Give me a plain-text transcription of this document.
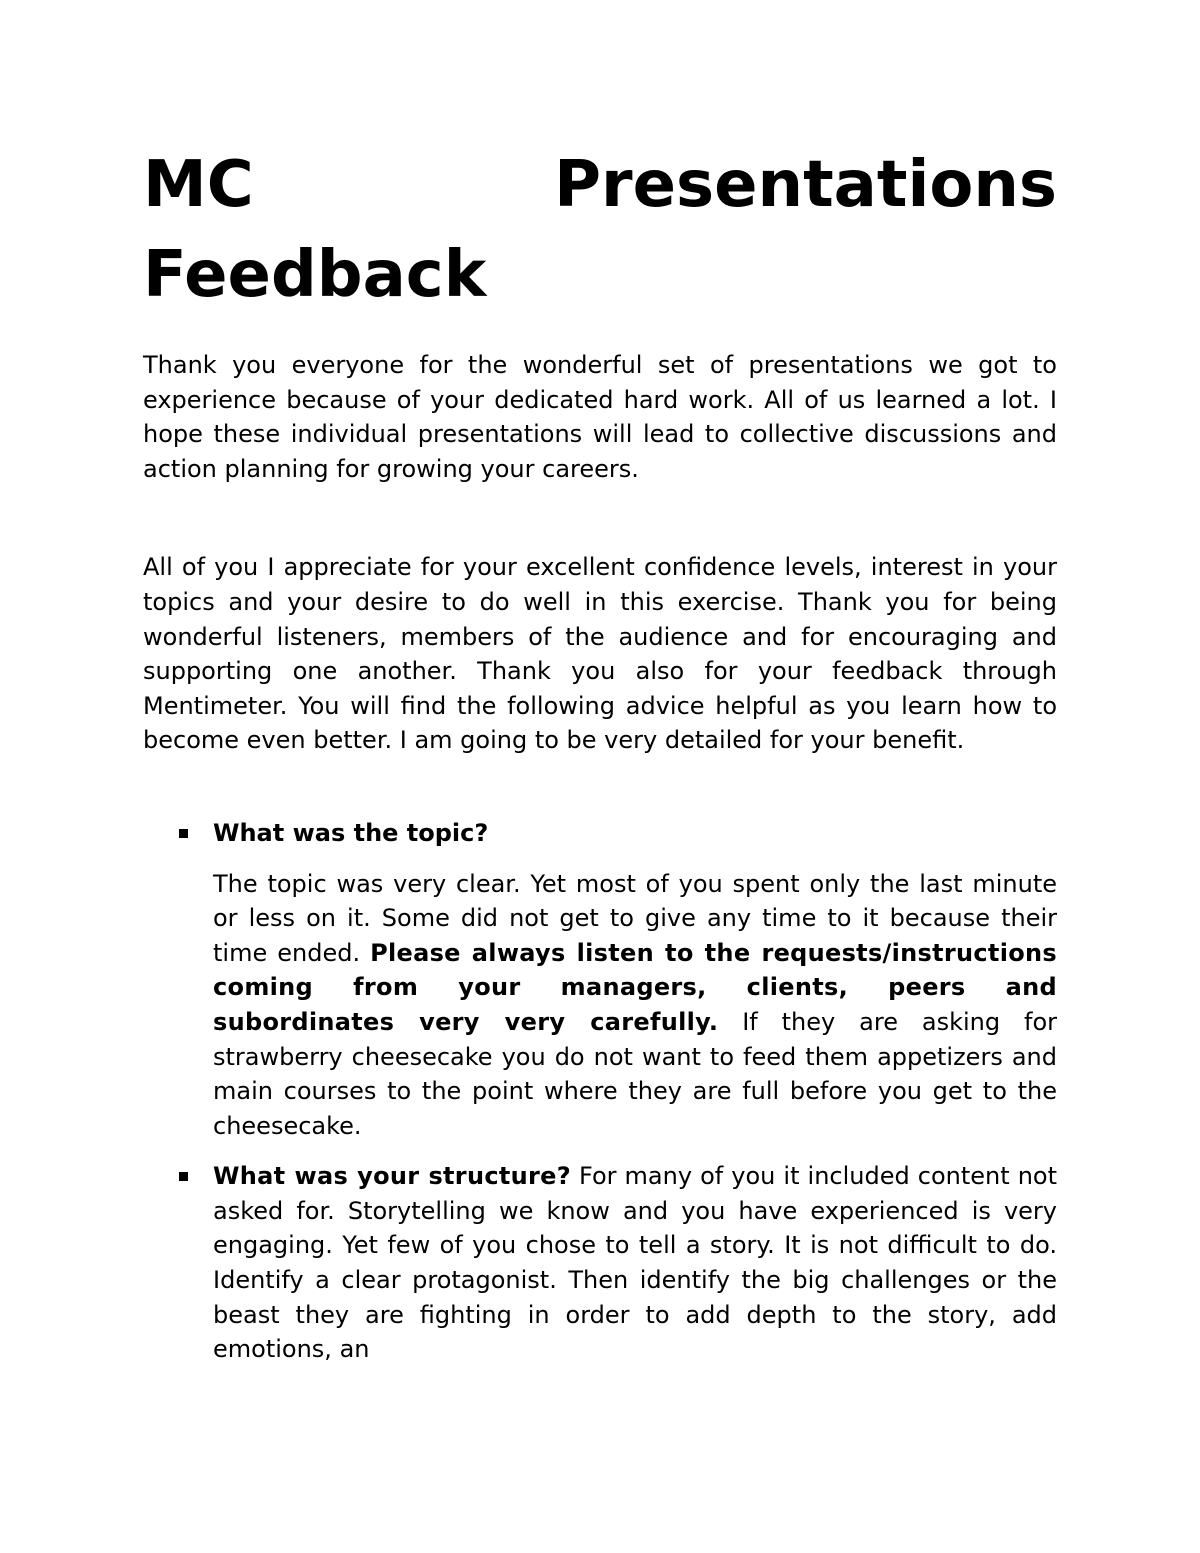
MC Presentations Feedback

Thank you everyone for the wonderful set of presentations we got to experience because of your dedicated hard work. All of us learned a lot. I hope these individual presentations will lead to collective discussions and action planning for growing your careers.

All of you I appreciate for your excellent confidence levels, interest in your topics and your desire to do well in this exercise. Thank you for being wonderful listeners, members of the audience and for encouraging and supporting one another. Thank you also for your feedback through Mentimeter. You will find the following advice helpful as you learn how to become even better. I am going to be very detailed for your benefit.

What was the topic?

The topic was very clear. Yet most of you spent only the last minute or less on it. Some did not get to give any time to it because their time ended. Please always listen to the requests/instructions coming from your managers, clients, peers and subordinates very very carefully. If they are asking for strawberry cheesecake you do not want to feed them appetizers and main courses to the point where they are full before you get to the cheesecake.

What was your structure? For many of you it included content not asked for. Storytelling we know and you have experienced is very engaging. Yet few of you chose to tell a story. It is not difficult to do. Identify a clear protagonist. Then identify the big challenges or the beast they are fighting in order to add depth to the story, add emotions, an
